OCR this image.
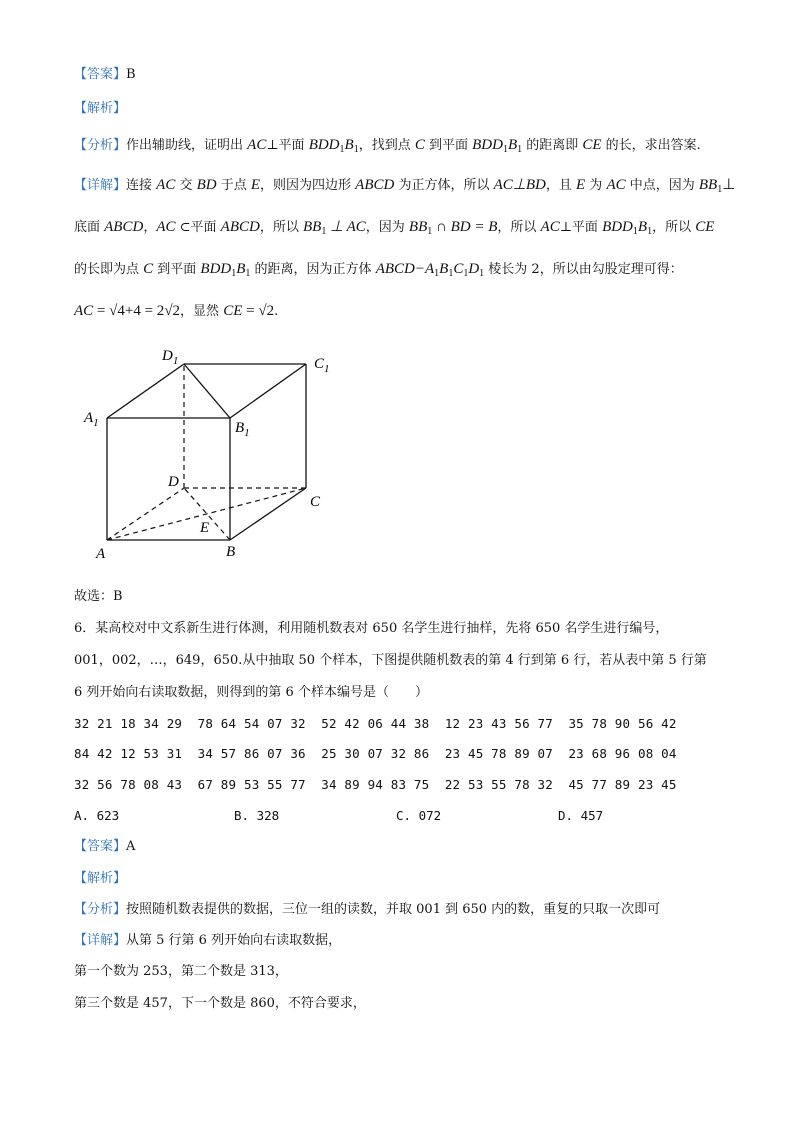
【答案】B
【解析】
【分析】作出辅助线，证明出 AC⊥平面 $BDD_1B_1$，找到点 C 到平面 $BDD_1B_1$ 的距离即 CE 的长，求出答案.
【详解】连接 AC 交 BD 于点 E，则因为四边形 ABCD 为正方体，所以 AC⊥BD，且 E 为 AC 中点，因为 $BB_1\perp$
底面 ABCD，AC ⊂平面 ABCD，所以 $BB_1$ ⊥ AC，因为 $BB_1$ ∩ BD = B，所以 AC⊥平面 $BDD_1B_1$，所以 CE
的长即为点 C 到平面 $BDD_1B_1$ 的距离，因为正方体 $ABCD-A_1B_1C_1D_1$ 棱长为 2，所以由勾股定理可得：
AC = √4+4 = 2√2，显然 CE = √2.
$D_1$	$C_1$
$A_1$	$B_1$
D
C
E
A	B
故选：B
6．某高校对中文系新生进行体测，利用随机数表对 650 名学生进行抽样，先将 650 名学生进行编号，
001，002，…，649，650.从中抽取 50 个样本，下图提供随机数表的第 4 行到第 6 行，若从表中第 5 行第
6 列开始向右读取数据，则得到的第 6 个样本编号是（　　）
32 21 18 34 29  78 64 54 07 32  52 42 06 44 38  12 23 43 56 77  35 78 90 56 42
84 42 12 53 31  34 57 86 07 36  25 30 07 32 86  23 45 78 89 07  23 68 96 08 04
32 56 78 08 43  67 89 53 55 77  34 89 94 83 75  22 53 55 78 32  45 77 89 23 45
A. 623	B. 328	C. 072	D. 457
【答案】A
【解析】
【分析】按照随机数表提供的数据，三位一组的读数，并取 001 到 650 内的数，重复的只取一次即可
【详解】从第 5 行第 6 列开始向右读取数据，
第一个数为 253，第二个数是 313，
第三个数是 457，下一个数是 860，不符合要求，
